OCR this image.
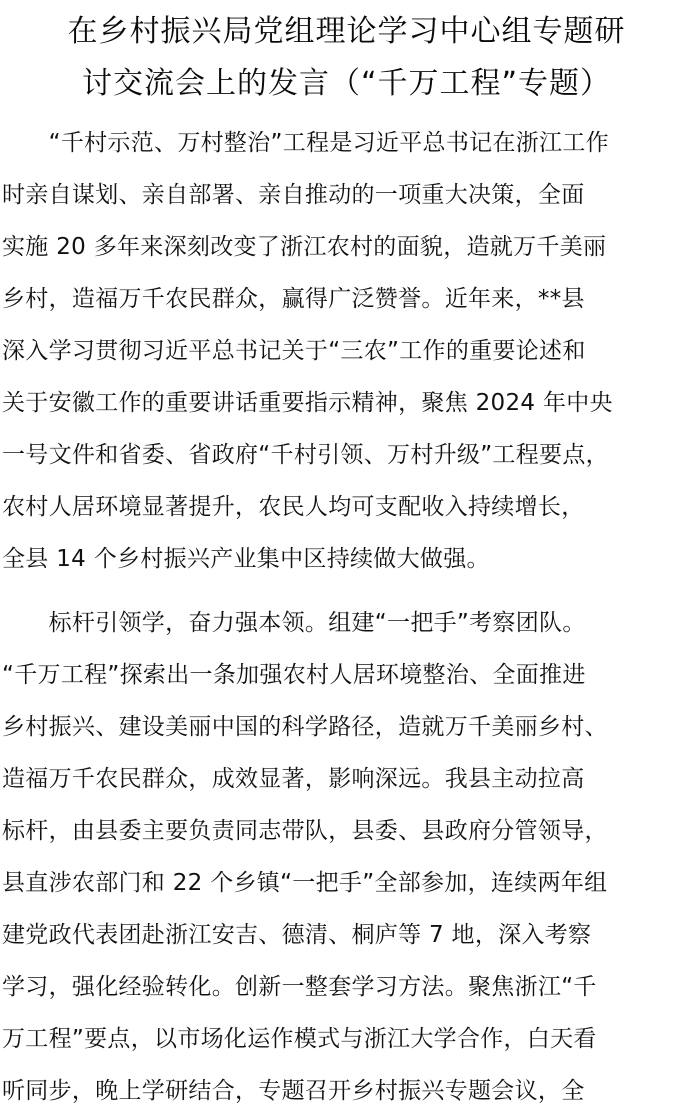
在乡村振兴局党组理论学习中心组专题研
讨交流会上的发言（“千万工程”专题）
　　“千村示范、万村整治”工程是习近平总书记在浙江工作
时亲自谋划、亲自部署、亲自推动的一项重大决策，全面
实施 20 多年来深刻改变了浙江农村的面貌，造就万千美丽
乡村，造福万千农民群众，赢得广泛赞誉。近年来，**县
深入学习贯彻习近平总书记关于“三农”工作的重要论述和
关于安徽工作的重要讲话重要指示精神，聚焦 2024 年中央
一号文件和省委、省政府“千村引领、万村升级”工程要点，
农村人居环境显著提升，农民人均可支配收入持续增长，
全县 14 个乡村振兴产业集中区持续做大做强。
　　标杆引领学，奋力强本领。组建“一把手”考察团队。
“千万工程”探索出一条加强农村人居环境整治、全面推进
乡村振兴、建设美丽中国的科学路径，造就万千美丽乡村、
造福万千农民群众，成效显著，影响深远。我县主动拉高
标杆，由县委主要负责同志带队，县委、县政府分管领导，
县直涉农部门和 22 个乡镇“一把手”全部参加，连续两年组
建党政代表团赴浙江安吉、德清、桐庐等 7 地，深入考察
学习，强化经验转化。创新一整套学习方法。聚焦浙江“千
万工程”要点，以市场化运作模式与浙江大学合作，白天看
听同步，晚上学研结合，专题召开乡村振兴专题会议，全
